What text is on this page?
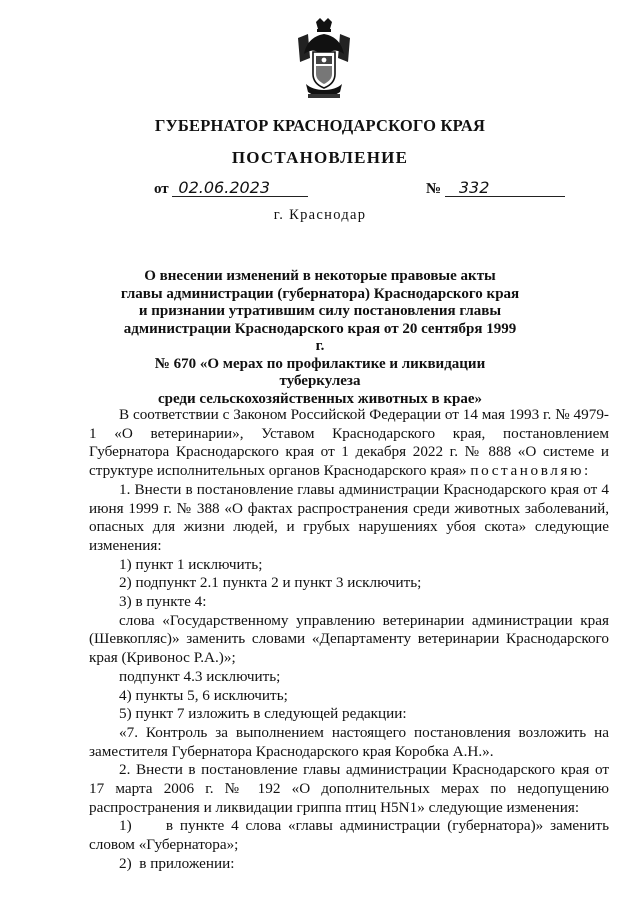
ГУБЕРНАТОР КРАСНОДАРСКОГО КРАЯ
ПОСТАНОВЛЕНИЕ
от 02.06.2023	№ 332
г. Краснодар
О внесении изменений в некоторые правовые акты
главы администрации (губернатора) Краснодарского края
и признании утратившим силу постановления главы
администрации Краснодарского края от 20 сентября 1999 г.
№ 670 «О мерах по профилактике и ликвидации туберкулеза
среди сельскохозяйственных животных в крае»

В соответствии с Законом Российской Федерации от 14 мая 1993 г. № 4979-1 «О ветеринарии», Уставом Краснодарского края, постановлением Губернатора Краснодарского края от 1 декабря 2022 г. № 888 «О системе и структуре исполнительных органов Краснодарского края» постановляю:

1. Внести в постановление главы администрации Краснодарского края от 4 июня 1999 г. № 388 «О фактах распространения среди животных заболеваний, опасных для жизни людей, и грубых нарушениях убоя скота» следующие изменения:

1) пункт 1 исключить;

2) подпункт 2.1 пункта 2 и пункт 3 исключить;

3) в пункте 4:

слова «Государственному управлению ветеринарии администрации края (Шевкопляс)» заменить словами «Департаменту ветеринарии Краснодарского края (Кривонос Р.А.)»;

подпункт 4.3 исключить;

4) пункты 5, 6 исключить;

5) пункт 7 изложить в следующей редакции:

«7. Контроль за выполнением настоящего постановления возложить на заместителя Губернатора Краснодарского края Коробка А.Н.».

2. Внести в постановление главы администрации Краснодарского края от 17 марта 2006 г. № 192 «О дополнительных мерах по недопущению распространения и ликвидации гриппа птиц H5N1» следующие изменения:

1)     в пункте 4 слова «главы администрации (губернатора)» заменить словом «Губернатора»;

2)  в приложении:
